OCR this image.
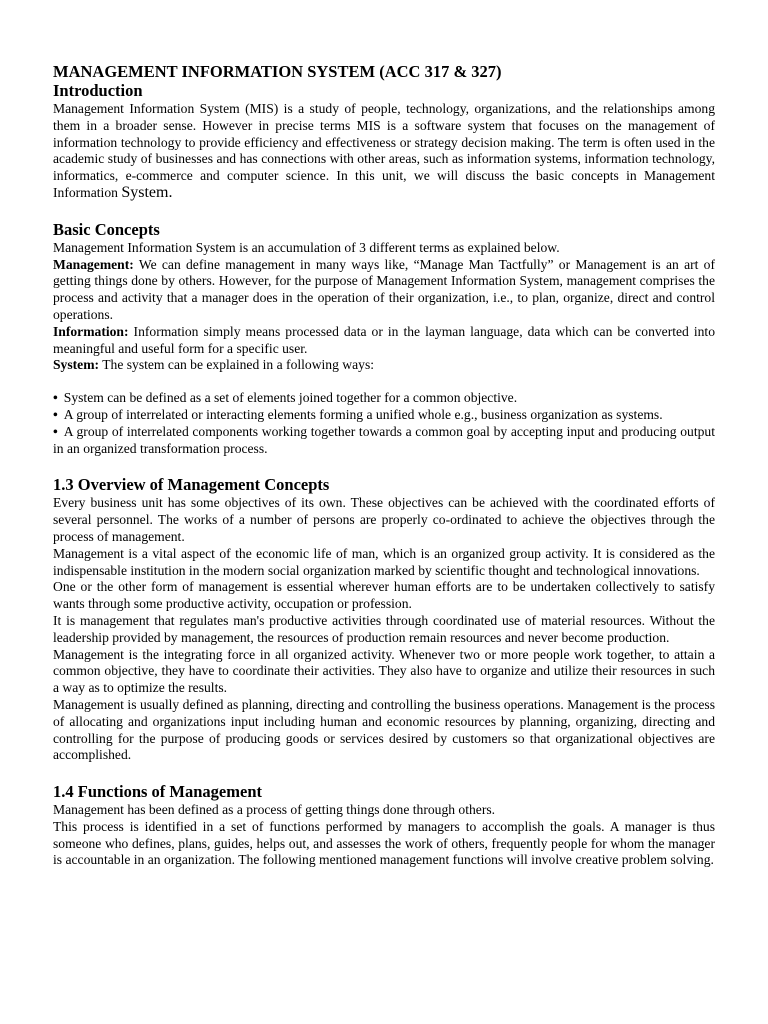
MANAGEMENT INFORMATION SYSTEM (ACC 317 & 327)
Introduction

Management Information System (MIS) is a study of people, technology, organizations, and the relationships among them in a broader sense. However in precise terms MIS is a software system that focuses on the management of information technology to provide efficiency and effectiveness or strategy decision making. The term is often used in the academic study of businesses and has connections with other areas, such as information systems, information technology, informatics, e-commerce and computer science. In this unit, we will discuss the basic concepts in Management Information System.

Basic Concepts

Management Information System is an accumulation of 3 different terms as explained below.

Management: We can define management in many ways like, “Manage Man Tactfully” or Management is an art of getting things done by others. However, for the purpose of Management Information System, management comprises the process and activity that a manager does in the operation of their organization, i.e., to plan, organize, direct and control operations.

Information: Information simply means processed data or in the layman language, data which can be converted into meaningful and useful form for a specific user.

System: The system can be explained in a following ways:

• System can be defined as a set of elements joined together for a common objective.
• A group of interrelated or interacting elements forming a unified whole e.g., business organization as systems.
• A group of interrelated components working together towards a common goal by accepting input and producing output in an organized transformation process.
1.3 Overview of Management Concepts

Every business unit has some objectives of its own. These objectives can be achieved with the coordinated efforts of several personnel. The works of a number of persons are properly co-ordinated to achieve the objectives through the process of management.

Management is a vital aspect of the economic life of man, which is an organized group activity. It is considered as the indispensable institution in the modern social organization marked by scientific thought and technological innovations.

One or the other form of management is essential wherever human efforts are to be undertaken collectively to satisfy wants through some productive activity, occupation or profession.

It is management that regulates man's productive activities through coordinated use of material resources. Without the leadership provided by management, the resources of production remain resources and never become production.

Management is the integrating force in all organized activity. Whenever two or more people work together, to attain a common objective, they have to coordinate their activities. They also have to organize and utilize their resources in such a way as to optimize the results.

Management is usually defined as planning, directing and controlling the business operations. Management is the process of allocating and organizations input including human and economic resources by planning, organizing, directing and controlling for the purpose of producing goods or services desired by customers so that organizational objectives are accomplished.

1.4 Functions of Management

Management has been defined as a process of getting things done through others.

This process is identified in a set of functions performed by managers to accomplish the goals. A manager is thus someone who defines, plans, guides, helps out, and assesses the work of others, frequently people for whom the manager is accountable in an organization. The following mentioned management functions will involve creative problem solving.
